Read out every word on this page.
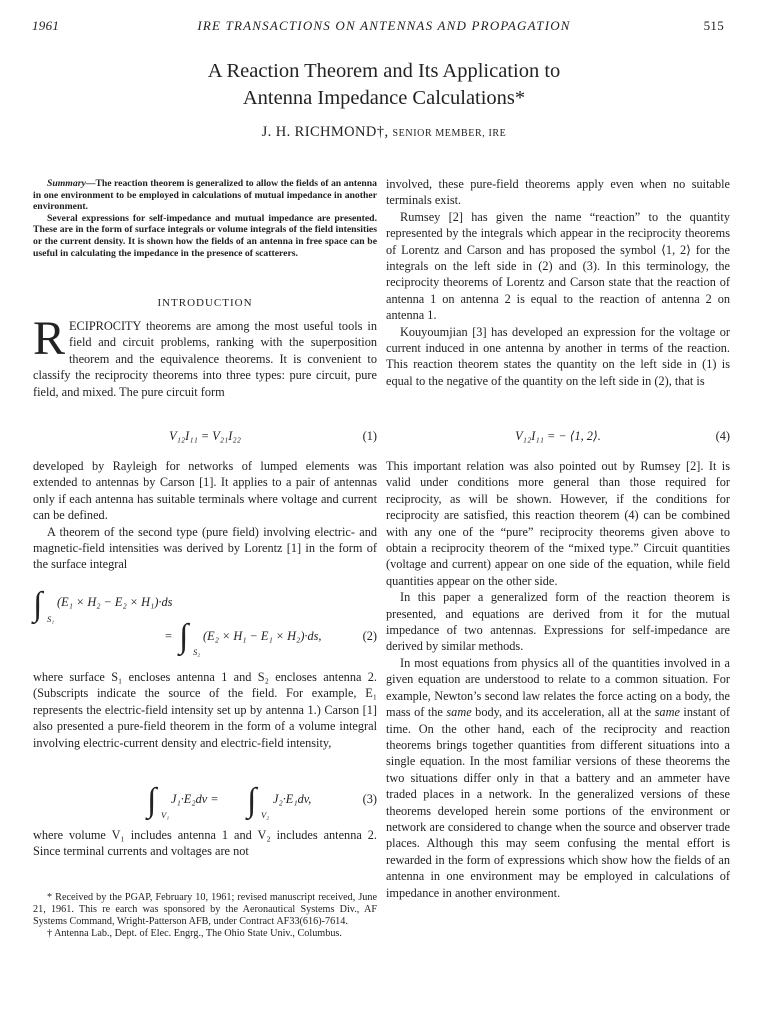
1961	IRE TRANSACTIONS ON ANTENNAS AND PROPAGATION	515
A Reaction Theorem and Its Application to
Antenna Impedance Calculations*
J. H. RICHMOND†, SENIOR MEMBER, IRE

Summary—The reaction theorem is generalized to allow the fields of an antenna in one environment to be employed in calculations of mutual impedance in another environment.

Several expressions for self-impedance and mutual impedance are presented. These are in the form of surface integrals or volume integrals of the field intensities or the current density. It is shown how the fields of an antenna in free space can be useful in calculating the impedance in the presence of scatterers.

INTRODUCTION

RECIPROCITY theorems are among the most useful tools in field and circuit problems, ranking with the superposition theorem and the equivalence theorems. It is convenient to classify the reciprocity theorems into three types: pure circuit, pure field, and mixed. The pure circuit form

V₁₂I₁₁ = V₂₁I₂₂	(1)

developed by Rayleigh for networks of lumped elements was extended to antennas by Carson [1]. It applies to a pair of antennas only if each antenna has suitable terminals where voltage and current can be defined.

A theorem of the second type (pure field) involving electric- and magnetic-field intensities was derived by Lorentz [1] in the form of the surface integral

∫ S₁
(E₁ × H₂ − E₂ × H₁)·ds
= ∫ S₂
(E₂ × H₁ − E₁ × H₂)·ds,	(2)
where surface S₁ encloses antenna 1 and S₂ encloses antenna 2. (Subscripts indicate the source of the field. For example, E₁ represents the electric-field intensity set up by antenna 1.) Carson [1] also presented a pure-field theorem in the form of a volume integral involving electric-current density and electric-field intensity,
∫ V₁
J₁·E₂dv = ∫ V₂
J₂·E₁dv,	(3)
where volume V₁ includes antenna 1 and V₂ includes antenna 2. Since terminal currents and voltages are not

* Received by the PGAP, February 10, 1961; revised manuscript received, June 21, 1961. This re earch was sponsored by the Aeronautical Systems Div., AF Systems Command, Wright-Patterson AFB, under Contract AF33(616)-7614.

† Antenna Lab., Dept. of Elec. Engrg., The Ohio State Univ., Columbus.

involved, these pure-field theorems apply even when no suitable terminals exist.

Rumsey [2] has given the name “reaction” to the quantity represented by the integrals which appear in the reciprocity theorems of Lorentz and Carson and has proposed the symbol ⟨1, 2⟩ for the integrals on the left side in (2) and (3). In this terminology, the reciprocity theorems of Lorentz and Carson state that the reaction of antenna 1 on antenna 2 is equal to the reaction of antenna 2 on antenna 1.

Kouyoumjian [3] has developed an expression for the voltage or current induced in one antenna by another in terms of the reaction. This reaction theorem states the quantity on the left side in (1) is equal to the negative of the quantity on the left side in (2), that is

V₁₂I₁₁ = − ⟨1, 2⟩.	(4)

This important relation was also pointed out by Rumsey [2]. It is valid under conditions more general than those required for reciprocity, as will be shown. However, if the conditions for reciprocity are satisfied, this reaction theorem (4) can be combined with any one of the “pure” reciprocity theorems given above to obtain a reciprocity theorem of the “mixed type.” Circuit quantities (voltage and current) appear on one side of the equation, while field quantities appear on the other side.

In this paper a generalized form of the reaction theorem is presented, and equations are derived from it for the mutual impedance of two antennas. Expressions for self-impedance are derived by similar methods.

In most equations from physics all of the quantities involved in a given equation are understood to relate to a common situation. For example, Newton’s second law relates the force acting on a body, the mass of the same body, and its acceleration, all at the same instant of time. On the other hand, each of the reciprocity and reaction theorems brings together quantities from different situations into a single equation. In the most familiar versions of these theorems the two situations differ only in that a battery and an ammeter have traded places in a network. In the generalized versions of these theorems developed herein some portions of the environment or network are considered to change when the source and observer trade places. Although this may seem confusing the mental effort is rewarded in the form of expressions which show how the fields of an antenna in one environment may be employed in calculations of impedance in another environment.
